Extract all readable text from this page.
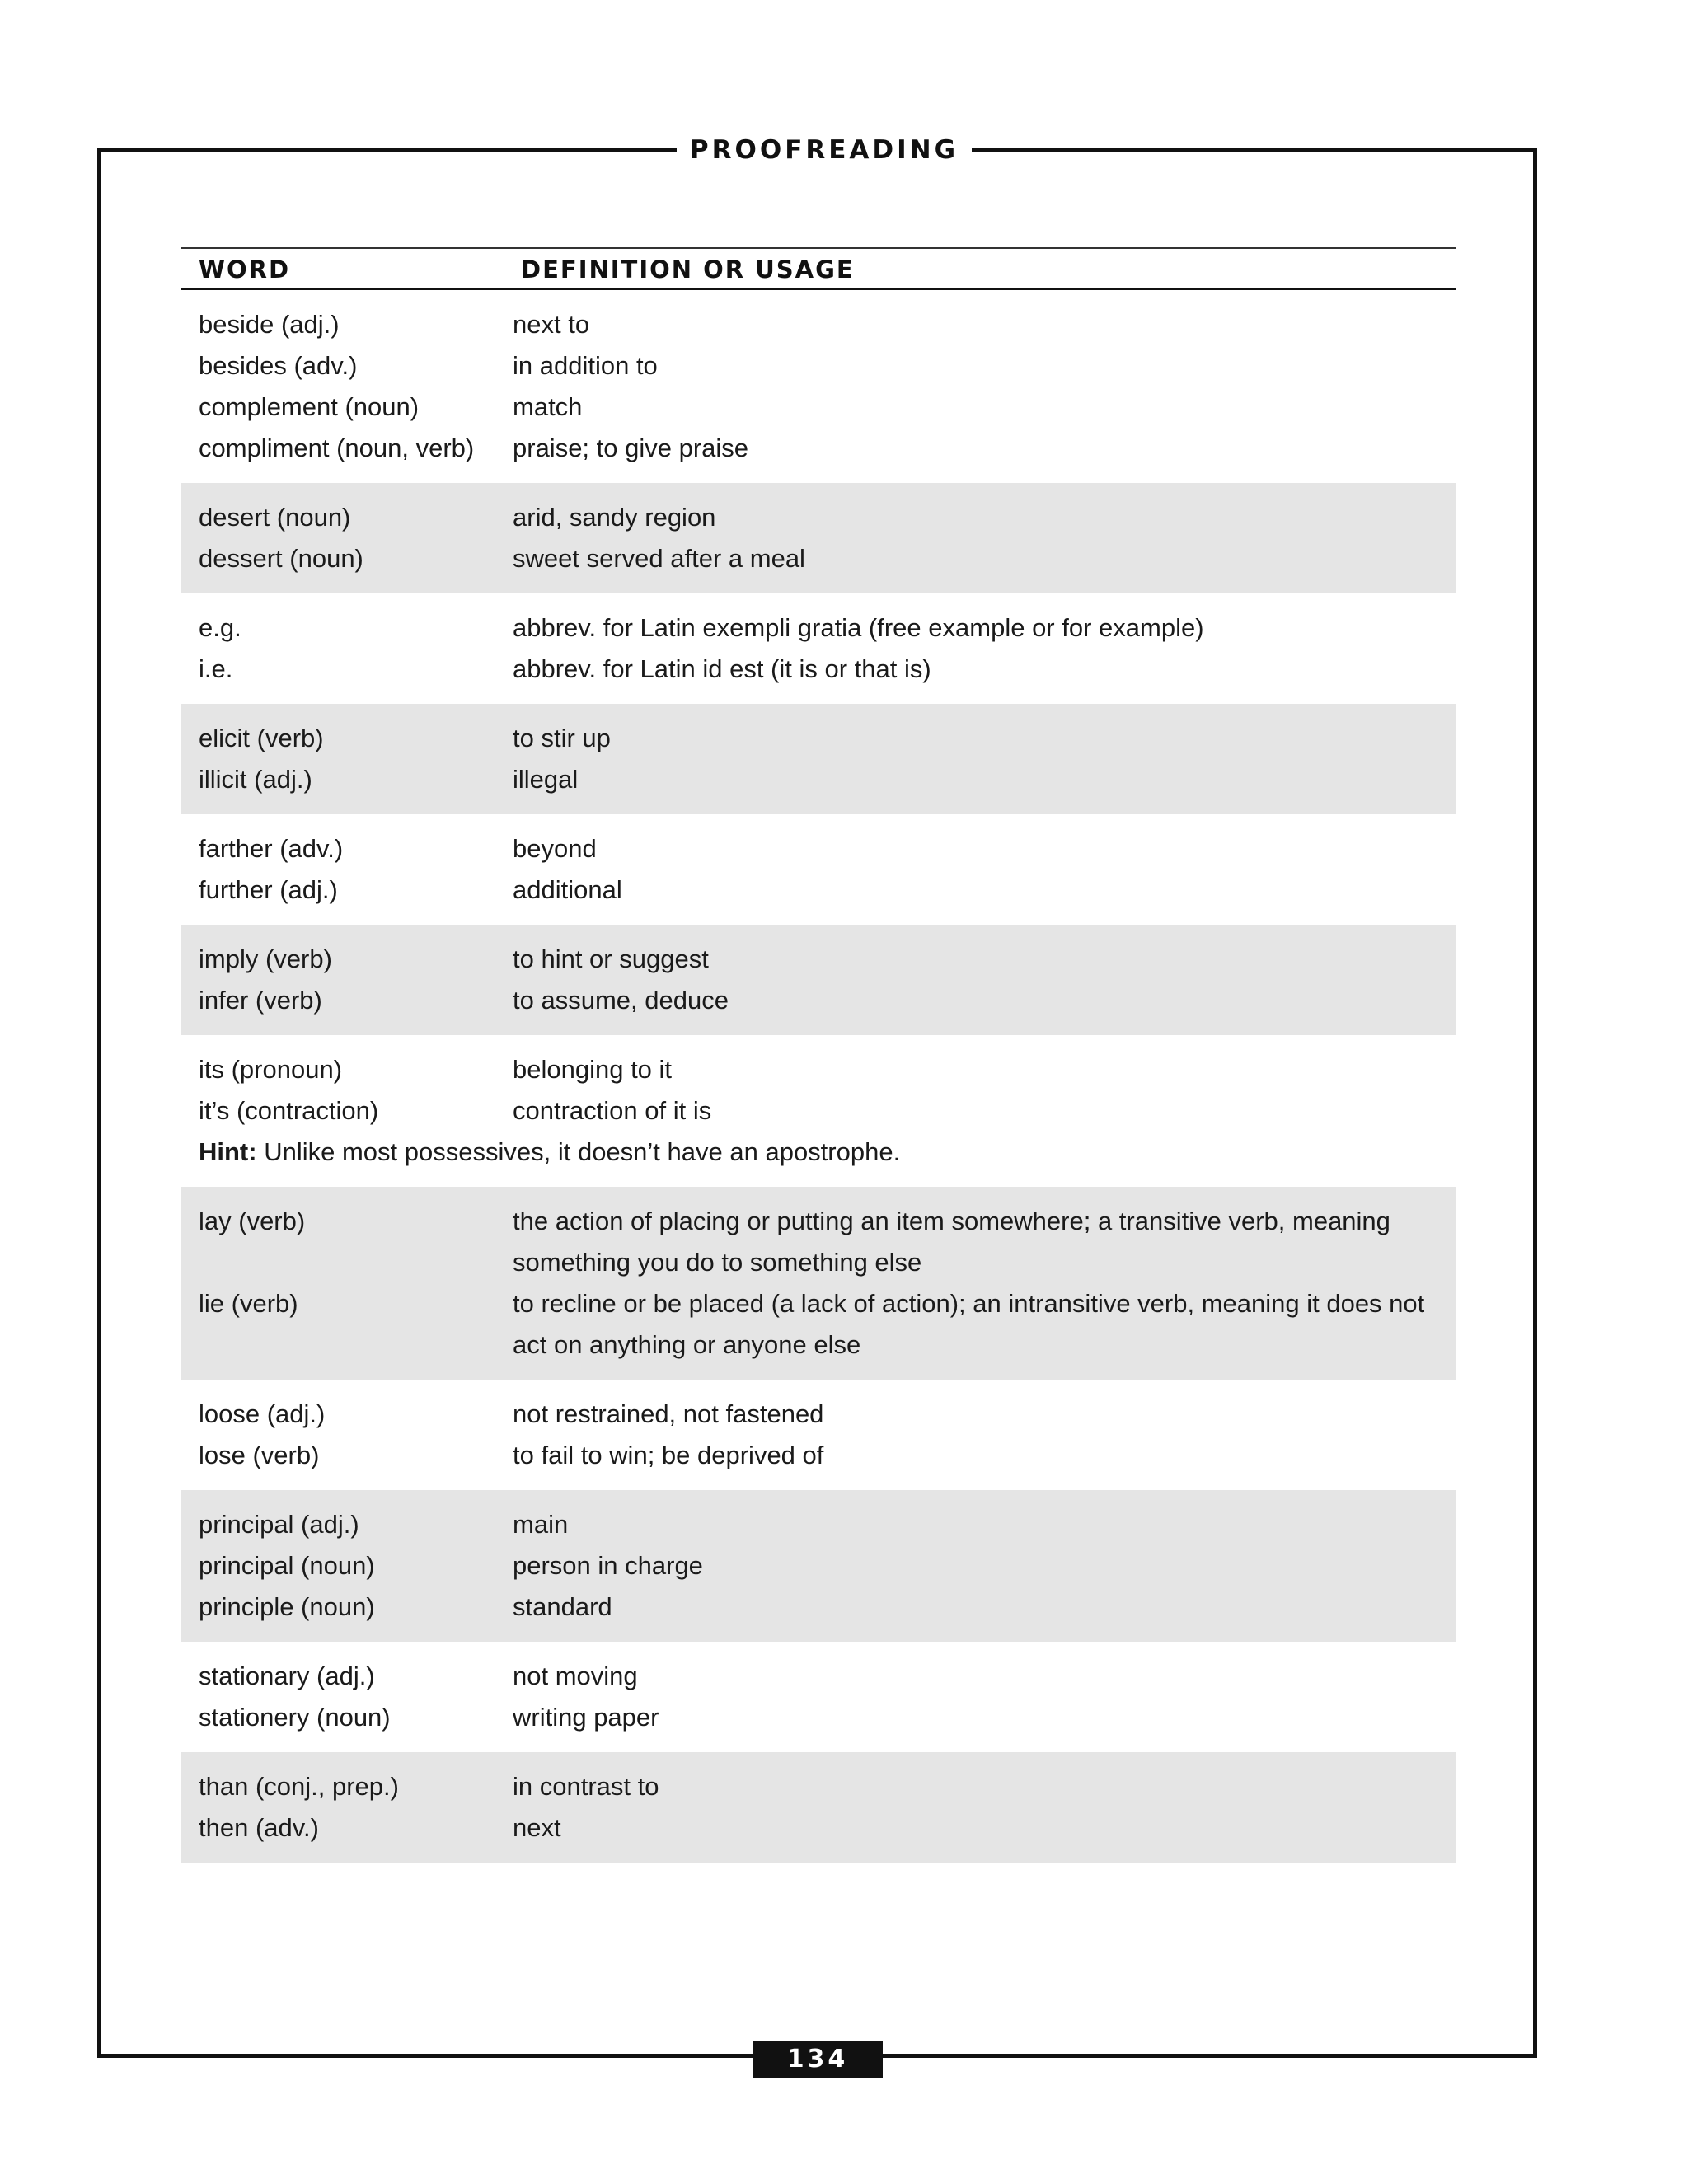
PROOFREADING
WORD	DEFINITION OR USAGE
beside (adj.)	next to
besides (adv.)	in addition to
complement (noun)	match
compliment (noun, verb)	praise; to give praise
desert (noun)	arid, sandy region
dessert (noun)	sweet served after a meal
e.g.	abbrev. for Latin exempli gratia (free example or for example)
i.e.	abbrev. for Latin id est (it is or that is)
elicit (verb)	to stir up
illicit (adj.)	illegal
farther (adv.)	beyond
further (adj.)	additional
imply (verb)	to hint or suggest
infer (verb)	to assume, deduce
its (pronoun)	belonging to it
it’s (contraction)	contraction of it is
Hint: Unlike most possessives, it doesn’t have an apostrophe.
lay (verb)	the action of placing or putting an item somewhere; a transitive verb, meaning something you do to something else
lie (verb)	to recline or be placed (a lack of action); an intransitive verb, meaning it does not act on anything or anyone else
loose (adj.)	not restrained, not fastened
lose (verb)	to fail to win; be deprived of
principal (adj.)	main
principal (noun)	person in charge
principle (noun)	standard
stationary (adj.)	not moving
stationery (noun)	writing paper
than (conj., prep.)	in contrast to
then (adv.)	next
134
